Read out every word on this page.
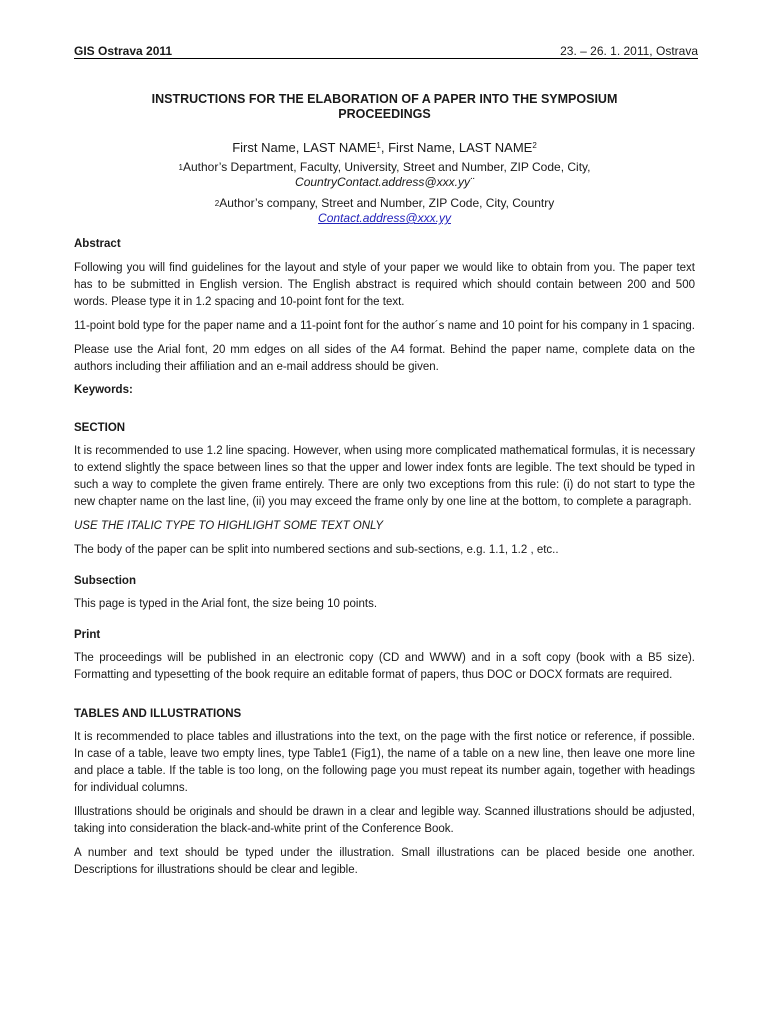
GIS Ostrava 2011	23. – 26. 1. 2011, Ostrava
INSTRUCTIONS FOR THE ELABORATION OF A PAPER INTO THE SYMPOSIUM
PROCEEDINGS
First Name, LAST NAME$^1$, First Name, LAST NAME$^2$
$^1$Author’s Department, Faculty, University, Street and Number, ZIP Code, City,
CountryContact.address@xxx.yy¨
$^2$Author’s company, Street and Number, ZIP Code, City, Country
Contact.address@xxx.yy
Abstract

Following you will find guidelines for the layout and style of your paper we would like to obtain from you. The paper text has to be submitted in English version. The English abstract is required which should contain between 200 and 500 words. Please type it in 1.2 spacing and 10-point font for the text.

11-point bold type for the paper name and a 11-point font for the author´s name and 10 point for his company in 1 spacing.

Please use the Arial font, 20 mm edges on all sides of the A4 format. Behind the paper name, complete data on the authors including their affiliation and an e-mail address should be given.

Keywords:
SECTION

It is recommended to use 1.2 line spacing. However, when using more complicated mathematical formulas, it is necessary to extend slightly the space between lines so that the upper and lower index fonts are legible. The text should be typed in such a way to complete the given frame entirely. There are only two exceptions from this rule: (i) do not start to type the new chapter name on the last line, (ii) you may exceed the frame only by one line at the bottom, to complete a paragraph.

USE THE ITALIC TYPE TO HIGHLIGHT SOME TEXT ONLY

The body of the paper can be split into numbered sections and sub-sections, e.g. 1.1, 1.2 , etc..

Subsection

This page is typed in the Arial font, the size being 10 points.

Print

The proceedings will be published in an electronic copy (CD and WWW) and in a soft copy (book with a B5 size). Formatting and typesetting of the book require an editable format of papers, thus DOC or DOCX formats are required.

TABLES AND ILLUSTRATIONS

It is recommended to place tables and illustrations into the text, on the page with the first notice or reference, if possible. In case of a table, leave two empty lines, type Table1 (Fig1), the name of a table on a new line, then leave one more line and place a table. If the table is too long, on the following page you must repeat its number again, together with headings for individual columns.

Illustrations should be originals and should be drawn in a clear and legible way. Scanned illustrations should be adjusted, taking into consideration the black-and-white print of the Conference Book.

A number and text should be typed under the illustration. Small illustrations can be placed beside one another. Descriptions for illustrations should be clear and legible.
